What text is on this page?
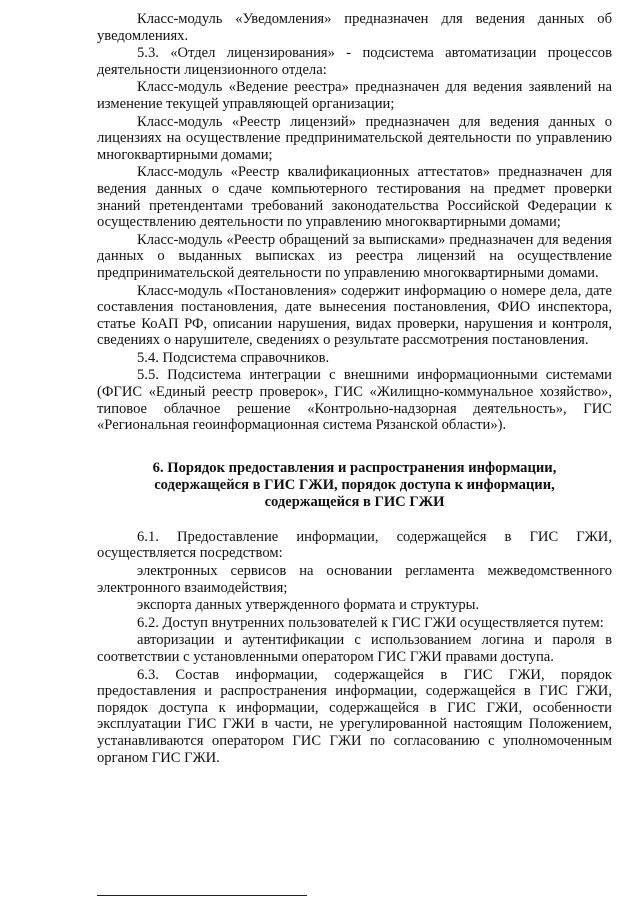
Класс-модуль «Уведомления» предназначен для ведения данных об уведомлениях.

5.3. «Отдел лицензирования» - подсистема автоматизации процессов деятельности лицензионного отдела:

Класс-модуль «Ведение реестра» предназначен для ведения заявлений на изменение текущей управляющей организации;

Класс-модуль «Реестр лицензий» предназначен для ведения данных о лицензиях на осуществление предпринимательской деятельности по управлению многоквартирными домами;

Класс-модуль «Реестр квалификационных аттестатов» предназначен для ведения данных о сдаче компьютерного тестирования на предмет проверки знаний претендентами требований законодательства Российской Федерации к осуществлению деятельности по управлению многоквартирными домами;

Класс-модуль «Реестр обращений за выписками» предназначен для ведения данных о выданных выписках из реестра лицензий на осуществление предпринимательской деятельности по управлению многоквартирными домами.

Класс-модуль «Постановления» содержит информацию о номере дела, дате составления постановления, дате вынесения постановления, ФИО инспектора, статье КоАП РФ, описании нарушения, видах проверки, нарушения и контроля, сведениях о нарушителе, сведениях о результате рассмотрения постановления.

5.4. Подсистема справочников.

5.5. Подсистема интеграции с внешними информационными системами (ФГИС «Единый реестр проверок», ГИС «Жилищно-коммунальное хозяйство», типовое облачное решение «Контрольно-надзорная деятельность», ГИС «Региональная геоинформационная система Рязанской области»).

6. Порядок предоставления и распространения информации,
содержащейся в ГИС ГЖИ, порядок доступа к информации,
содержащейся в ГИС ГЖИ

6.1. Предоставление информации, содержащейся в ГИС ГЖИ, осуществляется посредством:

электронных сервисов на основании регламента межведомственного электронного взаимодействия;

экспорта данных утвержденного формата и структуры.

6.2. Доступ внутренних пользователей к ГИС ГЖИ осуществляется путем:

авторизации и аутентификации с использованием логина и пароля в соответствии с установленными оператором ГИС ГЖИ правами доступа.

6.3. Состав информации, содержащейся в ГИС ГЖИ, порядок предоставления и распространения информации, содержащейся в ГИС ГЖИ, порядок доступа к информации, содержащейся в ГИС ГЖИ, особенности эксплуатации ГИС ГЖИ в части, не урегулированной настоящим Положением, устанавливаются оператором ГИС ГЖИ по согласованию с уполномоченным органом ГИС ГЖИ.
